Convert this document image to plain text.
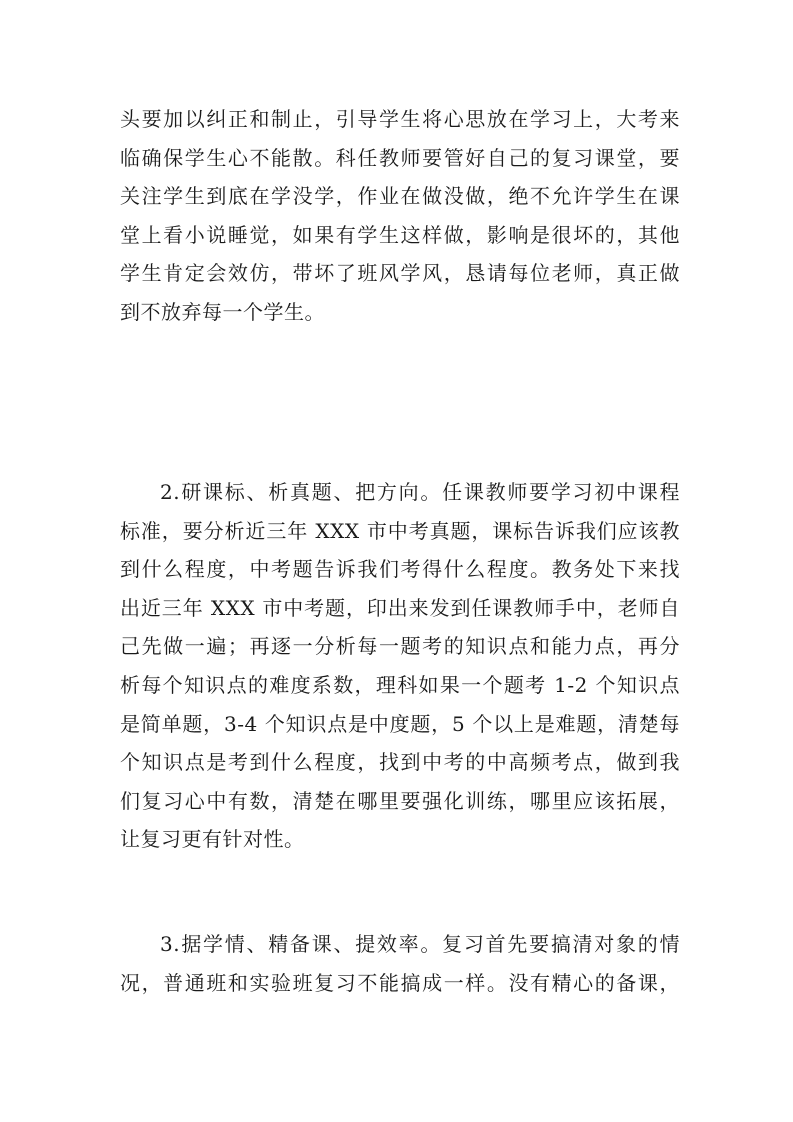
头要加以纠正和制止，引导学生将心思放在学习上，大考来
临确保学生心不能散。科任教师要管好自己的复习课堂，要
关注学生到底在学没学，作业在做没做，绝不允许学生在课
堂上看小说睡觉，如果有学生这样做，影响是很坏的，其他
学生肯定会效仿，带坏了班风学风，恳请每位老师，真正做
到不放弃每一个学生。
2.研课标、析真题、把方向。任课教师要学习初中课程
标准，要分析近三年 XXX 市中考真题，课标告诉我们应该教
到什么程度，中考题告诉我们考得什么程度。教务处下来找
出近三年 XXX 市中考题，印出来发到任课教师手中，老师自
己先做一遍；再逐一分析每一题考的知识点和能力点，再分
析每个知识点的难度系数，理科如果一个题考 1-2 个知识点
是简单题，3-4 个知识点是中度题，5 个以上是难题，清楚每
个知识点是考到什么程度，找到中考的中高频考点，做到我
们复习心中有数，清楚在哪里要强化训练，哪里应该拓展，
让复习更有针对性。
3.据学情、精备课、提效率。复习首先要搞清对象的情
况，普通班和实验班复习不能搞成一样。没有精心的备课，
